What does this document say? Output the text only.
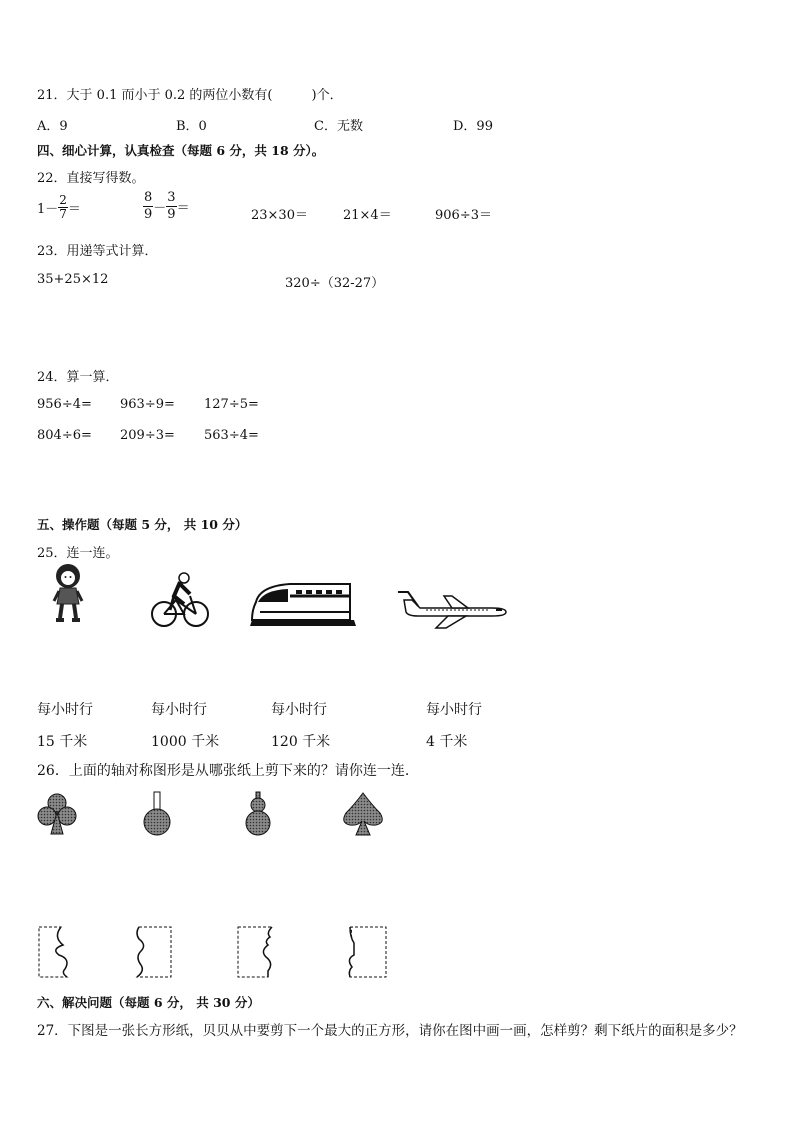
21．大于 0.1 而小于 0.2 的两位小数有(　　　)个．
A．9	B．0	C．无数	D．99
四、细心计算，认真检查（每题 6 分，共 18 分）。
22．直接写得数。
$1- \frac{2}{7}$ ＝	$\frac{8}{9} - \frac{3}{9}$ ＝	23×30＝	21×4＝	906÷3＝
23．用递等式计算．
35+25×12	320÷（32-27）
24．算一算．
956÷4= 963÷9= 127÷5=
804÷6= 209÷3= 563÷4=
五、操作题（每题 5 分， 共 10 分）
25．连一连。
每小时行	每小时行	每小时行	每小时行
15 千米	1000 千米	120 千米	4 千米
26．上面的轴对称图形是从哪张纸上剪下来的？请你连一连.
六、解决问题（每题 6 分， 共 30 分）
27．下图是一张长方形纸，贝贝从中要剪下一个最大的正方形，请你在图中画一画，怎样剪？剩下纸片的面积是多少？
